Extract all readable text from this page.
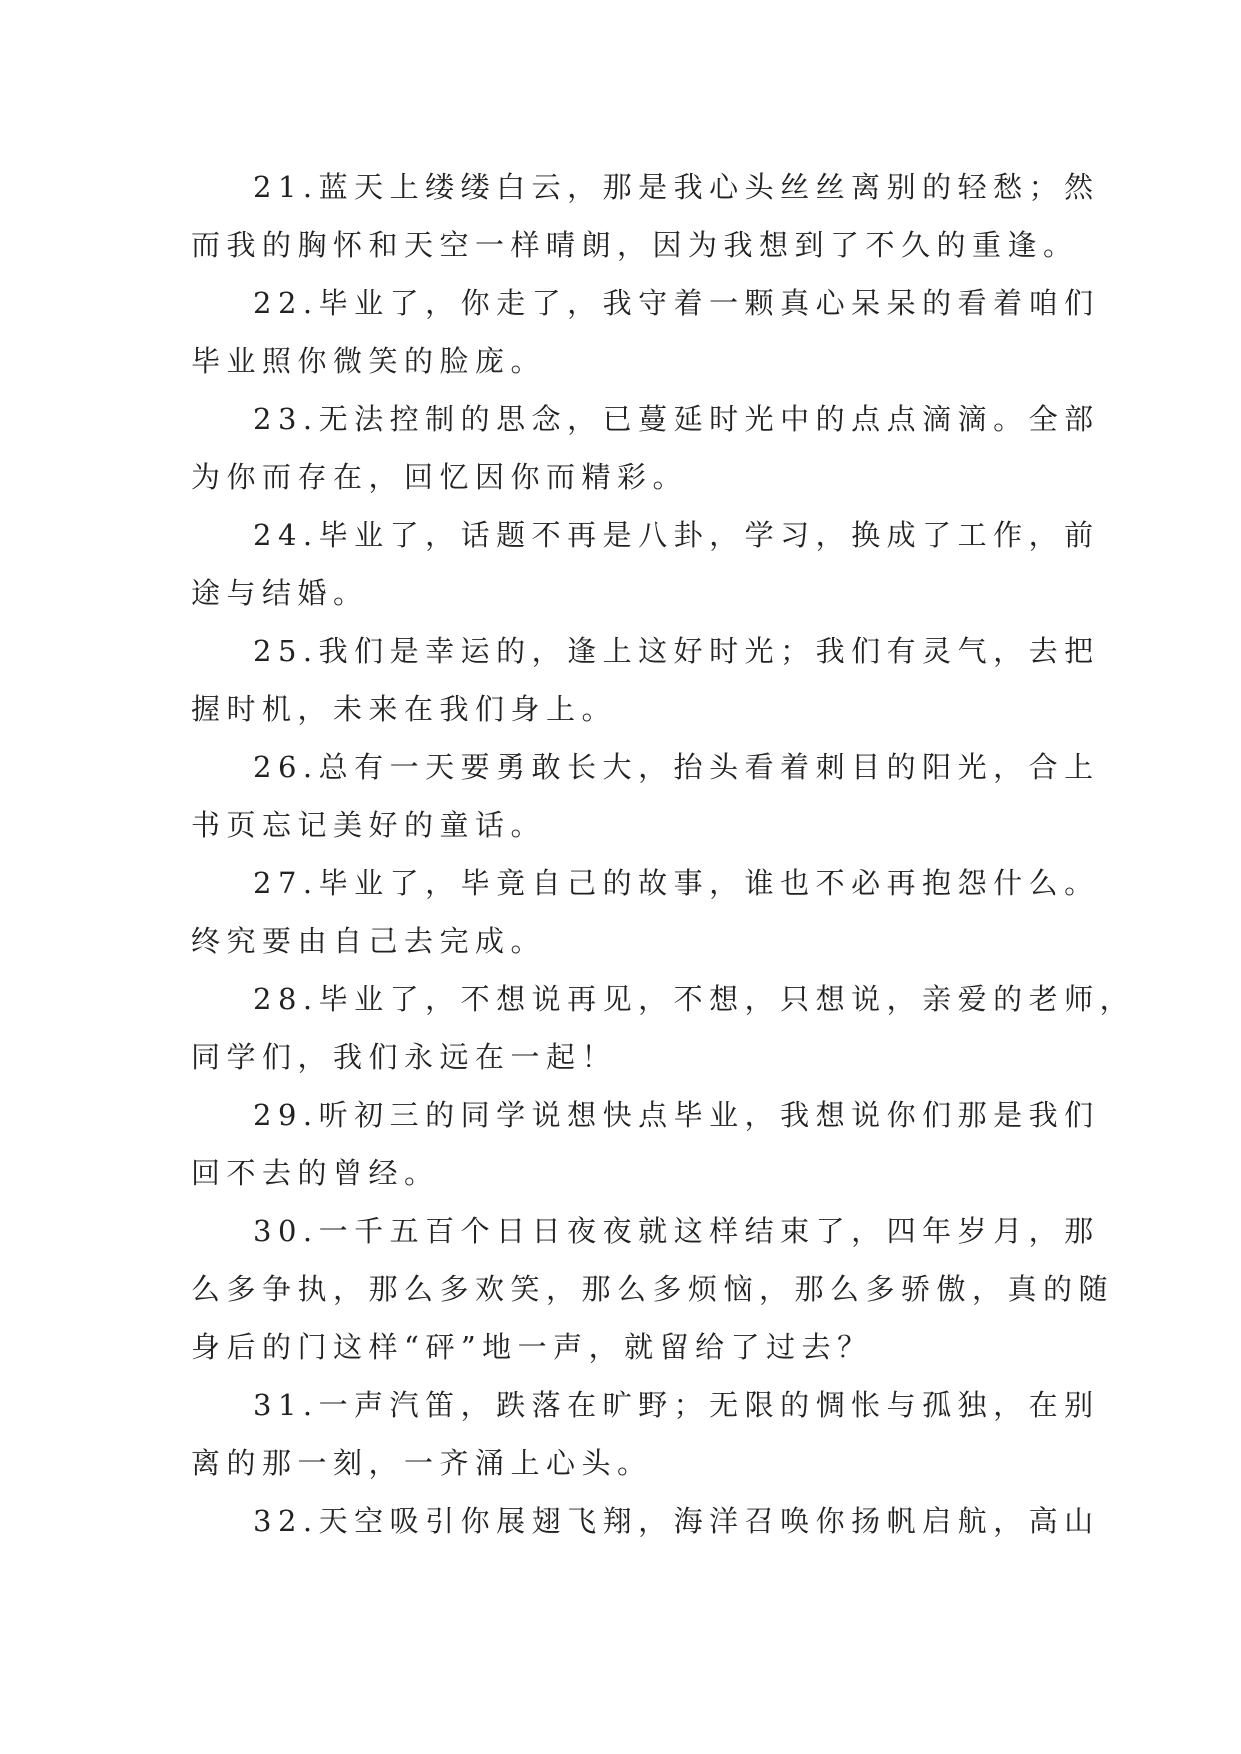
21.蓝天上缕缕白云，那是我心头丝丝离别的轻愁；然
而我的胸怀和天空一样晴朗，因为我想到了不久的重逢。
22.毕业了，你走了，我守着一颗真心呆呆的看着咱们
毕业照你微笑的脸庞。
23.无法控制的思念，已蔓延时光中的点点滴滴。全部
为你而存在，回忆因你而精彩。
24.毕业了，话题不再是八卦，学习，换成了工作，前
途与结婚。
25.我们是幸运的，逢上这好时光；我们有灵气，去把
握时机，未来在我们身上。
26.总有一天要勇敢长大，抬头看着刺目的阳光，合上
书页忘记美好的童话。
27.毕业了，毕竟自己的故事，谁也不必再抱怨什么。
终究要由自己去完成。
28.毕业了，不想说再见，不想，只想说，亲爱的老师，
同学们，我们永远在一起！
29.听初三的同学说想快点毕业，我想说你们那是我们
回不去的曾经。
30.一千五百个日日夜夜就这样结束了，四年岁月，那
么多争执，那么多欢笑，那么多烦恼，那么多骄傲，真的随
身后的门这样“砰”地一声，就留给了过去？
31.一声汽笛，跌落在旷野；无限的惆怅与孤独，在别
离的那一刻，一齐涌上心头。
32.天空吸引你展翅飞翔，海洋召唤你扬帆启航，高山
